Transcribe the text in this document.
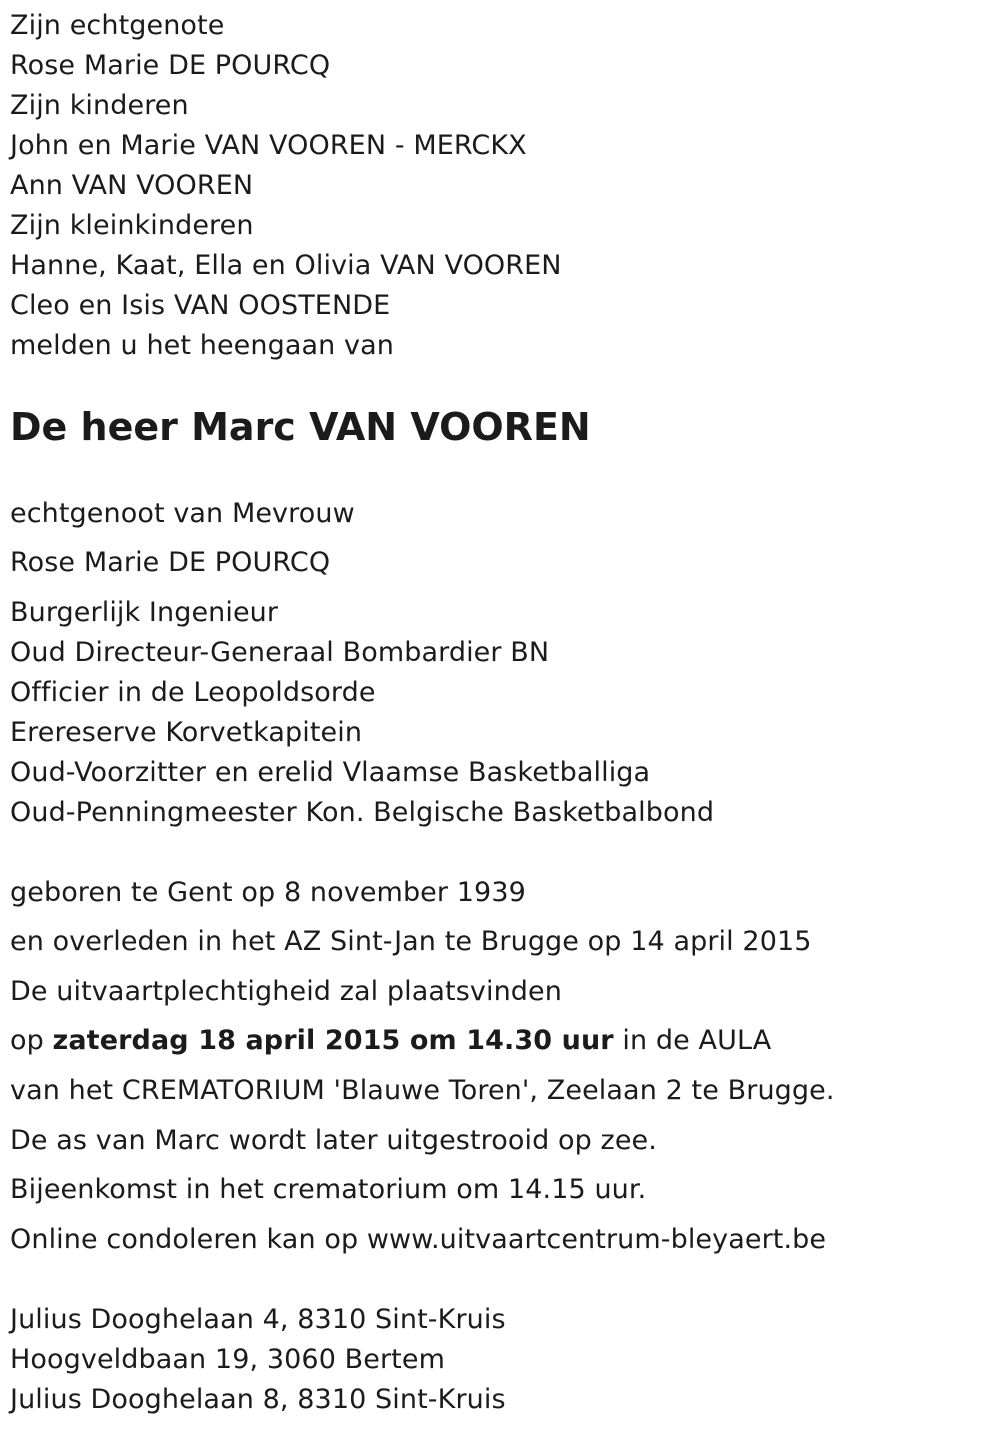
Zijn echtgenote
Rose Marie DE POURCQ
Zijn kinderen
John en Marie VAN VOOREN - MERCKX
Ann VAN VOOREN
Zijn kleinkinderen
Hanne, Kaat, Ella en Olivia VAN VOOREN
Cleo en Isis VAN OOSTENDE
melden u het heengaan van
De heer Marc VAN VOOREN
echtgenoot van Mevrouw
Rose Marie DE POURCQ
Burgerlijk Ingenieur
Oud Directeur-Generaal Bombardier BN
Officier in de Leopoldsorde
Erereserve Korvetkapitein
Oud-Voorzitter en erelid Vlaamse Basketballiga
Oud-Penningmeester Kon. Belgische Basketbalbond
geboren te Gent op 8 november 1939
en overleden in het AZ Sint-Jan te Brugge op 14 april 2015
De uitvaartplechtigheid zal plaatsvinden
op zaterdag 18 april 2015 om 14.30 uur in de AULA
van het CREMATORIUM 'Blauwe Toren', Zeelaan 2 te Brugge.
De as van Marc wordt later uitgestrooid op zee.
Bijeenkomst in het crematorium om 14.15 uur.
Online condoleren kan op www.uitvaartcentrum-bleyaert.be
Julius Dooghelaan 4, 8310 Sint-Kruis
Hoogveldbaan 19, 3060 Bertem
Julius Dooghelaan 8, 8310 Sint-Kruis
